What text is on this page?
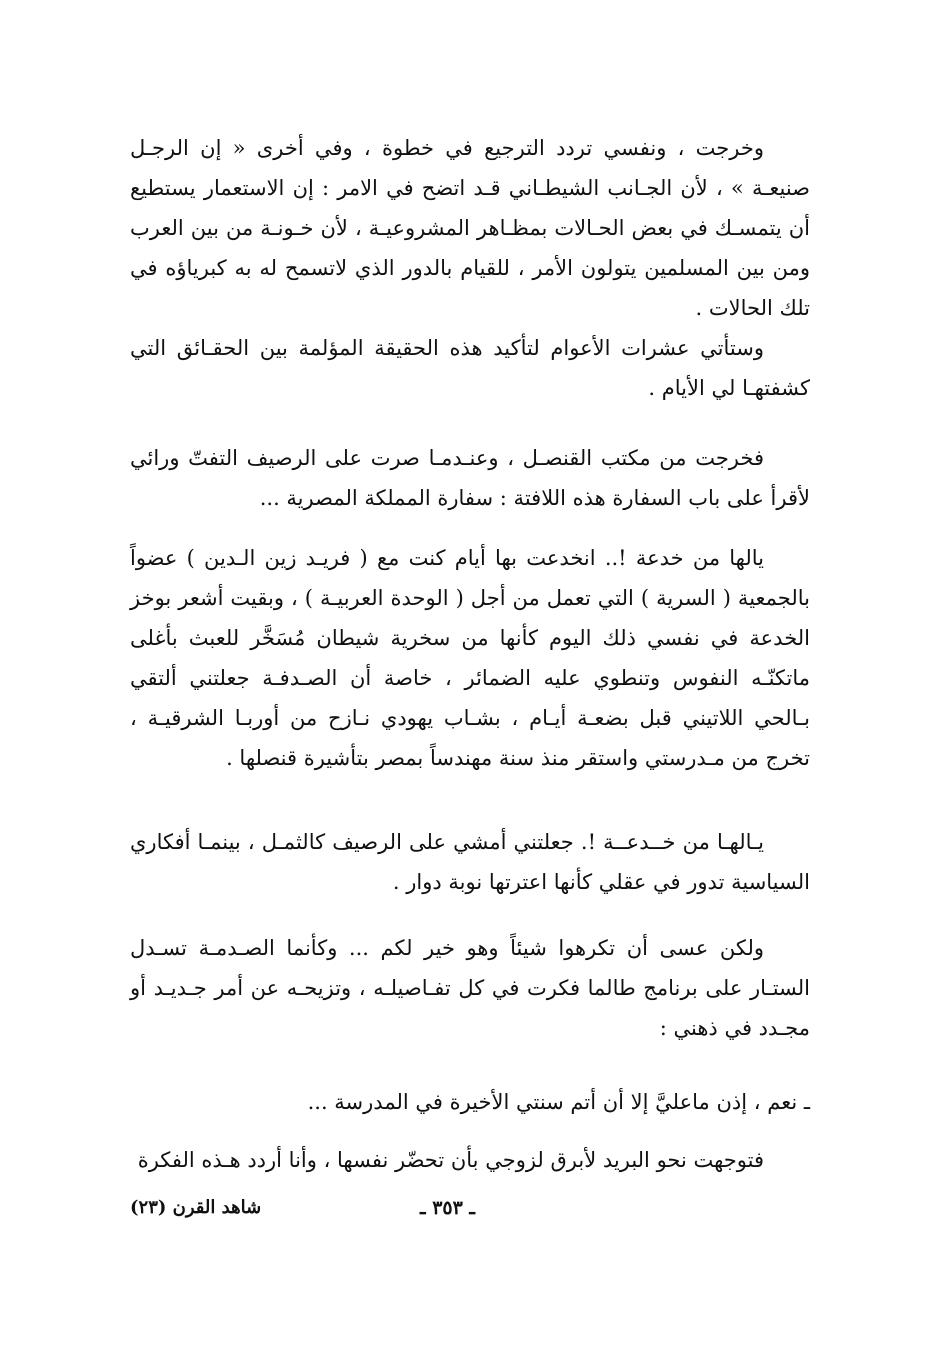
وخرجت ، ونفسي تردد الترجيع في خطوة ، وفي أخرى « إن الرجـل صنيعـة » ، لأن الجـانب الشيطـاني قـد اتضح في الامر : إن الاستعمار يستطيع أن يتمسـك في بعض الحـالات بمظـاهر المشروعيـة ، لأن خـونـة من بين العرب ومن بين المسلمين يتولون الأمر ، للقيام بالدور الذي لاتسمح له به كبرياؤه في تلك الحالات .

وستأتي عشرات الأعوام لتأكيد هذه الحقيقة المؤلمة بين الحقـائق التي كشفتهـا لي الأيام .

فخرجت من مكتب القنصـل ، وعنـدمـا صرت على الرصيف التفتّ ورائي لأقرأ على باب السفارة هذه اللافتة : سفارة المملكة المصرية ...

يالها من خدعة !.. انخدعت بها أيام كنت مع ( فريـد زين الـدين ) عضواً بالجمعية ( السرية ) التي تعمل من أجل ( الوحدة العربيـة ) ، وبقيت أشعر بوخز الخدعة في نفسي ذلك اليوم كأنها من سخرية شيطان مُسَخَّر للعبث بأغلى ماتكنّـه النفوس وتنطوي عليه الضمائر ، خاصة أن الصـدفـة جعلتني ألتقي بـالحي اللاتيني قبل بضعـة أيـام ، بشـاب يهودي نـازح من أوربـا الشرقيـة ، تخرج من مـدرستي واستقر منذ سنة مهندساً بمصر بتأشيرة قنصلها .

يـالهـا من خــدعــة !. جعلتني أمشي على الرصيف كالثمـل ، بينمـا أفكاري السياسية تدور في عقلي كأنها اعترتها نوبة دوار .

ولكن عسى أن تكرهوا شيئاً وهو خير لكم ... وكأنما الصـدمـة تسـدل الستـار على برنامج طالما فكرت في كل تفـاصيلـه ، وتزيحـه عن أمر جـديـد أو مجـدد في ذهني :

ـ نعم ، إذن ماعليَّ إلا أن أتم سنتي الأخيرة في المدرسة ...

فتوجهت نحو البريد لأبرق لزوجي بأن تحضّر نفسها ، وأنا أردد هـذه الفكرة

شاهد القرن (٢٣)	ـ ٣٥٣ ـ
